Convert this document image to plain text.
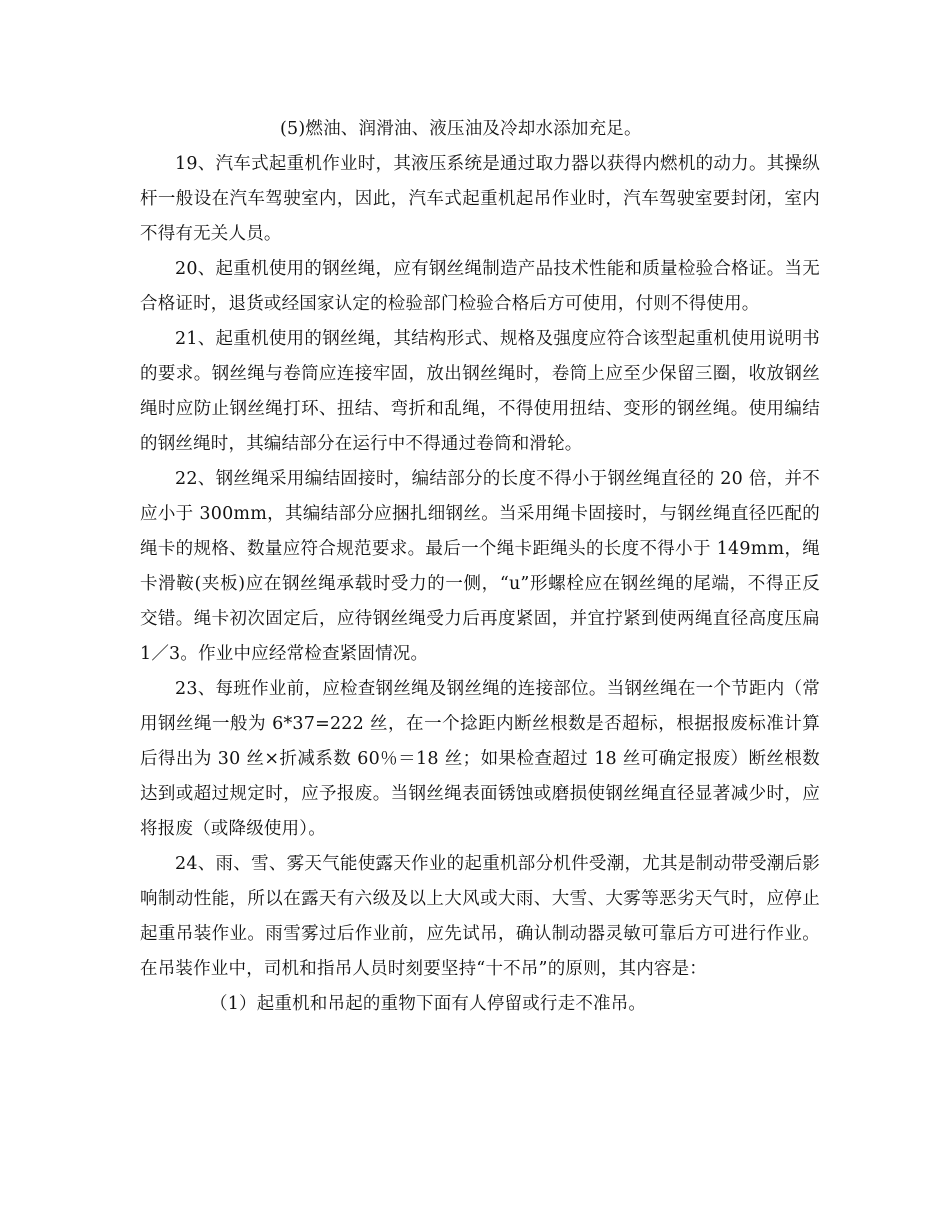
(5)燃油、润滑油、液压油及冷却水添加充足。

19、汽车式起重机作业时，其液压系统是通过取力器以获得内燃机的动力。其操纵杆一般设在汽车驾驶室内，因此，汽车式起重机起吊作业时，汽车驾驶室要封闭，室内不得有无关人员。

20、起重机使用的钢丝绳，应有钢丝绳制造产品技术性能和质量检验合格证。当无合格证时，退货或经国家认定的检验部门检验合格后方可使用，付则不得使用。

21、起重机使用的钢丝绳，其结构形式、规格及强度应符合该型起重机使用说明书的要求。钢丝绳与卷筒应连接牢固，放出钢丝绳时，卷筒上应至少保留三圈，收放钢丝绳时应防止钢丝绳打环、扭结、弯折和乱绳，不得使用扭结、变形的钢丝绳。使用编结的钢丝绳时，其编结部分在运行中不得通过卷筒和滑轮。

22、钢丝绳采用编结固接时，编结部分的长度不得小于钢丝绳直径的 20 倍，并不应小于 300mm，其编结部分应捆扎细钢丝。当采用绳卡固接时，与钢丝绳直径匹配的绳卡的规格、数量应符合规范要求。最后一个绳卡距绳头的长度不得小于 149mm，绳卡滑鞍(夹板)应在钢丝绳承载时受力的一侧，“u”形螺栓应在钢丝绳的尾端，不得正反交错。绳卡初次固定后，应待钢丝绳受力后再度紧固，并宜拧紧到使两绳直径高度压扁 1／3。作业中应经常检查紧固情况。

23、每班作业前，应检查钢丝绳及钢丝绳的连接部位。当钢丝绳在一个节距内（常用钢丝绳一般为 6*37=222 丝，在一个捻距内断丝根数是否超标，根据报废标准计算后得出为 30 丝×折减系数 60％＝18 丝；如果检查超过 18 丝可确定报废）断丝根数达到或超过规定时，应予报废。当钢丝绳表面锈蚀或磨损使钢丝绳直径显著减少时，应将报废（或降级使用）。

24、雨、雪、雾天气能使露天作业的起重机部分机件受潮，尤其是制动带受潮后影响制动性能，所以在露天有六级及以上大风或大雨、大雪、大雾等恶劣天气时，应停止起重吊装作业。雨雪雾过后作业前，应先试吊，确认制动器灵敏可靠后方可进行作业。在吊装作业中，司机和指吊人员时刻要坚持“十不吊”的原则，其内容是：

（1）起重机和吊起的重物下面有人停留或行走不准吊。
